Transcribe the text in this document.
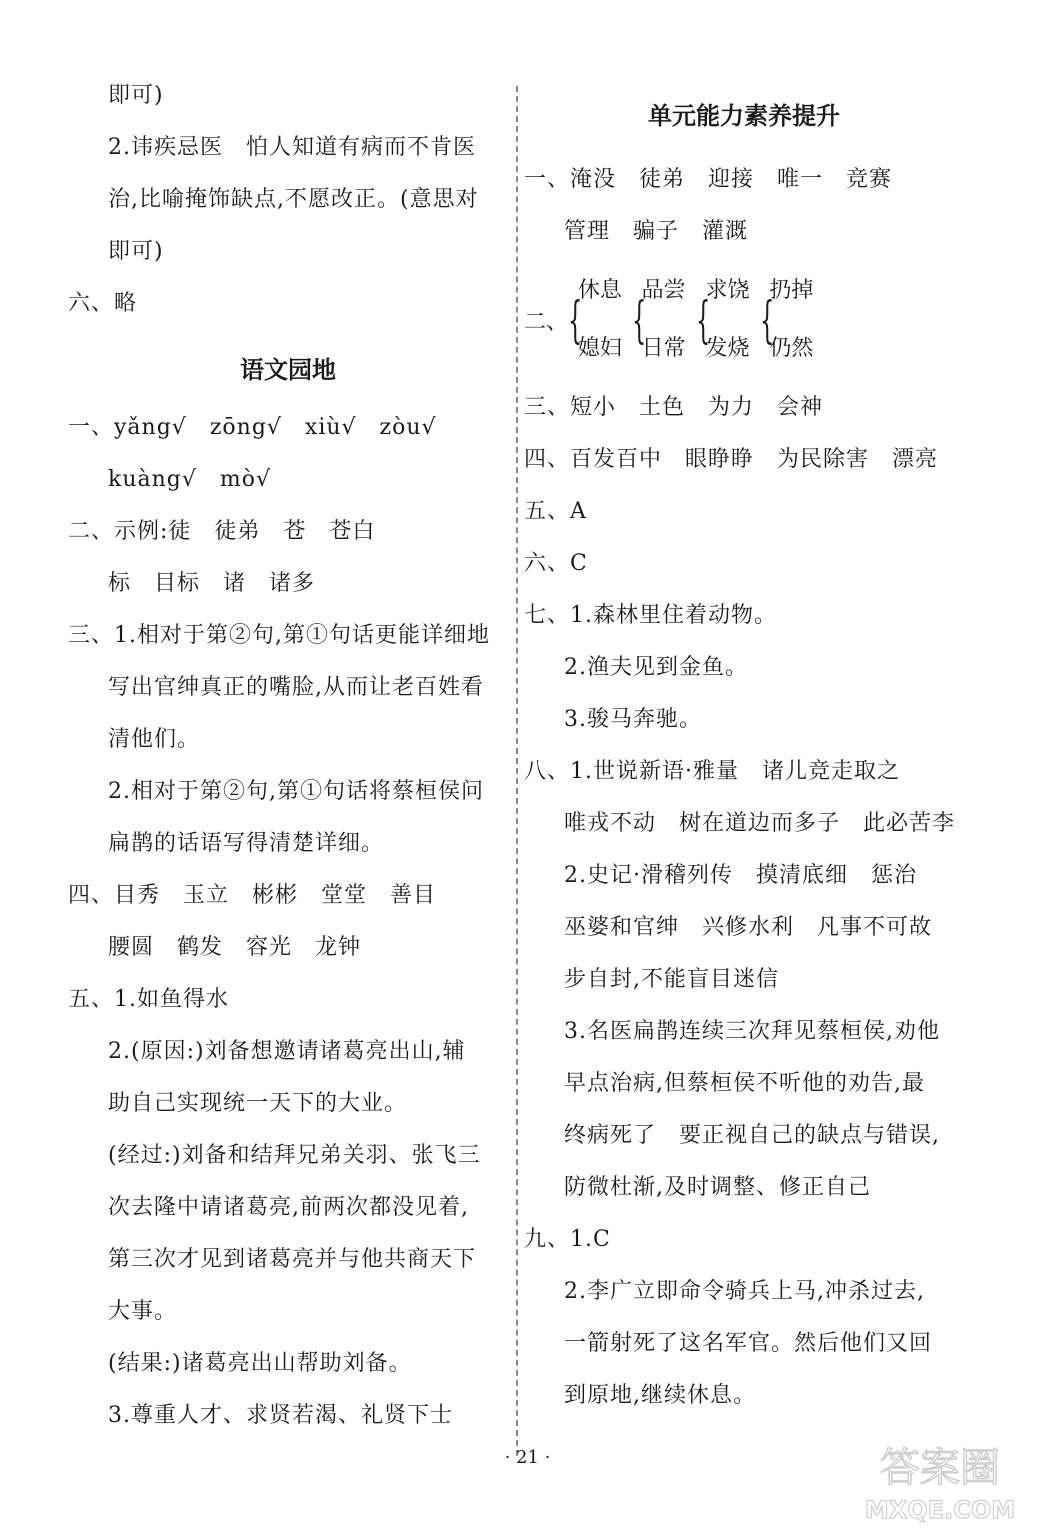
即可)
2.讳疾忌医　怕人知道有病而不肯医
治,比喻掩饰缺点,不愿改正。(意思对
即可)
六、略
语文园地
一、yǎng√　zōng√　xiù√　zòu√
kuàng√　mò√
二、示例:徒　徒弟　苍　苍白
标　目标　诸　诸多
三、1.相对于第②句,第①句话更能详细地
写出官绅真正的嘴脸,从而让老百姓看
清他们。
2.相对于第②句,第①句话将蔡桓侯问
扁鹊的话语写得清楚详细。
四、目秀　玉立　彬彬　堂堂　善目
腰圆　鹤发　容光　龙钟
五、1.如鱼得水
2.(原因:)刘备想邀请诸葛亮出山,辅
助自己实现统一天下的大业。
(经过:)刘备和结拜兄弟关羽、张飞三
次去隆中请诸葛亮,前两次都没见着,
第三次才见到诸葛亮并与他共商天下
大事。
(结果:)诸葛亮出山帮助刘备。
3.尊重人才、求贤若渴、礼贤下士
单元能力素养提升
一、淹没　徒弟　迎接　唯一　竞赛
管理　骗子　灌溉
二、 {
休息
媳妇 {
品尝
日常 {
求饶
发烧 {
扔掉
仍然
三、短小　土色　为力　会神
四、百发百中　眼睁睁　为民除害　漂亮
五、A
六、C
七、1.森林里住着动物。
2.渔夫见到金鱼。
3.骏马奔驰。
八、1.世说新语·雅量　诸儿竞走取之
唯戎不动　树在道边而多子　此必苦李
2.史记·滑稽列传　摸清底细　惩治
巫婆和官绅　兴修水利　凡事不可故
步自封,不能盲目迷信
3.名医扁鹊连续三次拜见蔡桓侯,劝他
早点治病,但蔡桓侯不听他的劝告,最
终病死了　要正视自己的缺点与错误,
防微杜渐,及时调整、修正自己
九、1.C
2.李广立即命令骑兵上马,冲杀过去,
一箭射死了这名军官。然后他们又回
到原地,继续休息。
· 21 ·	答案圈
MXQE.COM
